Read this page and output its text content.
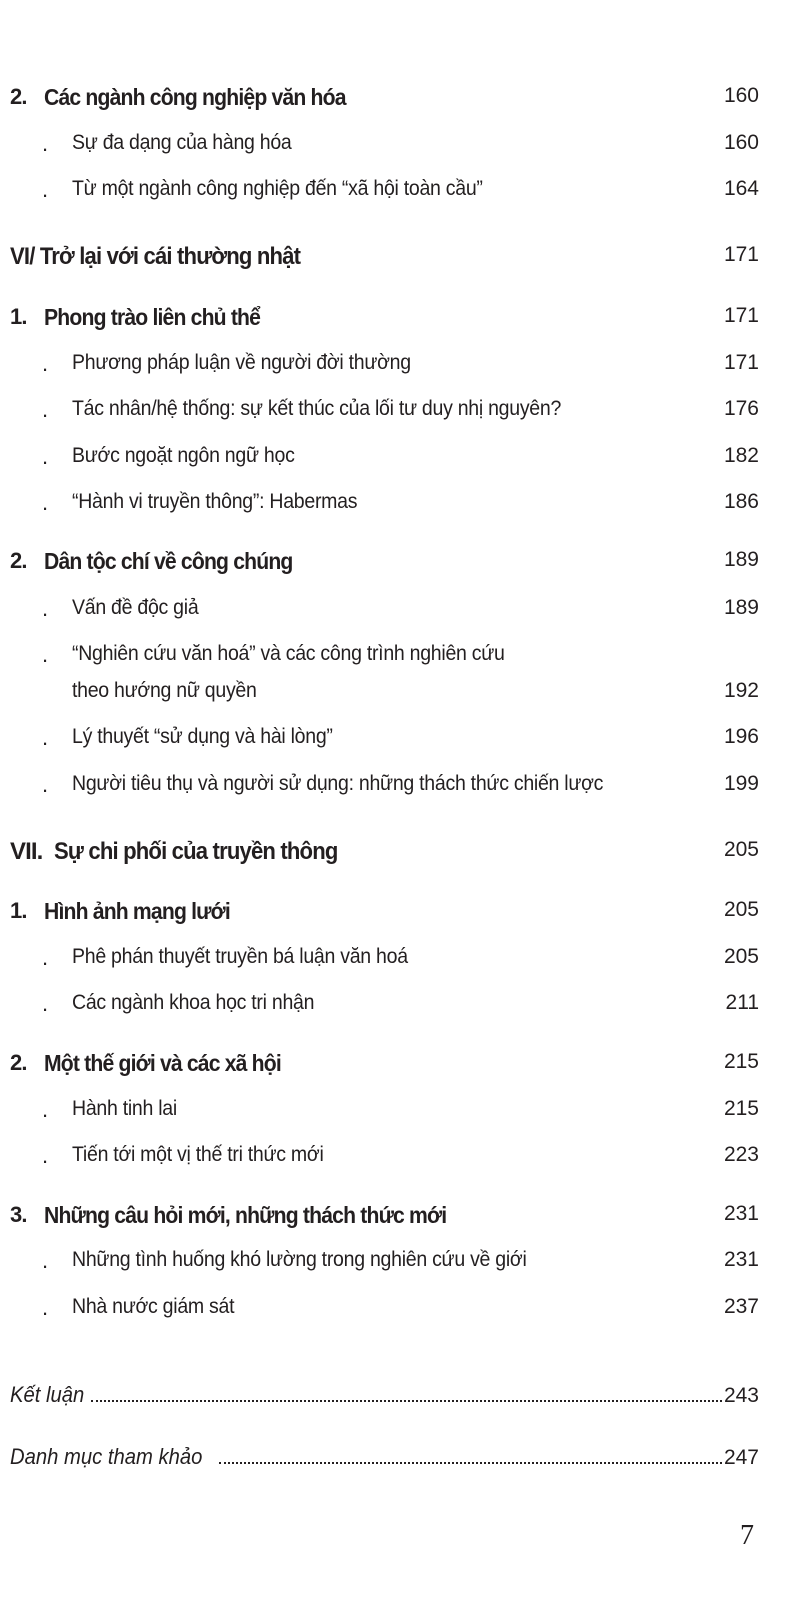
2. Các ngành công nghiệp văn hóa	160
. Sự đa dạng của hàng hóa	160
. Từ một ngành công nghiệp đến “xã hội toàn cầu”	164
VI/ Trở lại với cái thường nhật	171
1. Phong trào liên chủ thể	171
. Phương pháp luận về người đời thường	171
. Tác nhân/hệ thống: sự kết thúc của lối tư duy nhị nguyên?	176
. Bước ngoặt ngôn ngữ học	182
. “Hành vi truyền thông”: Habermas	186
2. Dân tộc chí về công chúng	189
. Vấn đề độc giả	189
. “Nghiên cứu văn hoá” và các công trình nghiên cứu
theo hướng nữ quyền	192
. Lý thuyết “sử dụng và hài lòng”	196
. Người tiêu thụ và người sử dụng: những thách thức chiến lược	199
VII. Sự chi phối của truyền thông	205
1. Hình ảnh mạng lưới	205
. Phê phán thuyết truyền bá luận văn hoá	205
. Các ngành khoa học tri nhận	211
2. Một thế giới và các xã hội	215
. Hành tinh lai	215
. Tiến tới một vị thế tri thức mới	223
3. Những câu hỏi mới, những thách thức mới	231
. Những tình huống khó lường trong nghiên cứu về giới	231
. Nhà nước giám sát	237
Kết luận	243
Danh mục tham khảo	247
7
